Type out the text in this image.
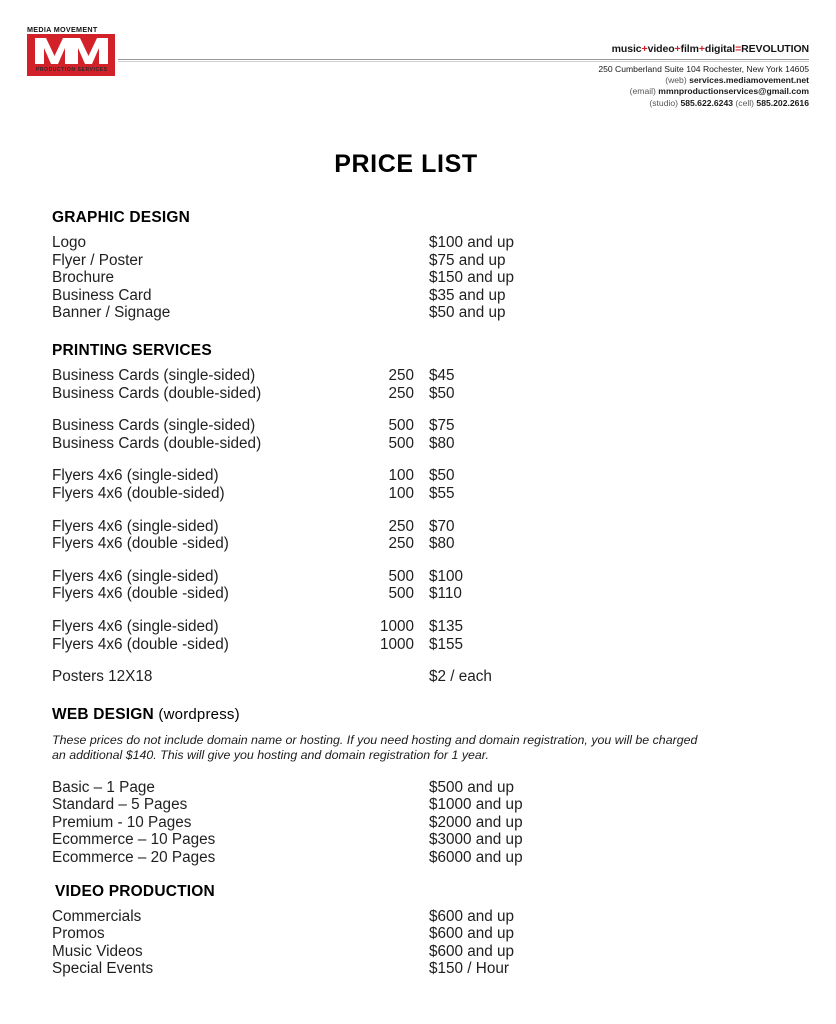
MEDIA MOVEMENT
PRODUCTION SERVICES
music+video+film+digital=REVOLUTION
250 Cumberland Suite 104 Rochester, New York 14605
(web) services.mediamovement.net
(email) mmnproductionservices@gmail.com
(studio) 585.622.6243 (cell) 585.202.2616
PRICE LIST
GRAPHIC DESIGN
Logo	$100 and up
Flyer / Poster	$75 and up
Brochure	$150 and up
Business Card	$35 and up
Banner / Signage	$50 and up
PRINTING SERVICES
Business Cards (single-sided)	250 $45
Business Cards (double-sided)	250 $50
Business Cards (single-sided)	500 $75
Business Cards (double-sided)	500 $80
Flyers 4x6 (single-sided)	100 $50
Flyers 4x6 (double-sided)	100 $55
Flyers 4x6 (single-sided)	250 $70
Flyers 4x6 (double -sided)	250 $80
Flyers 4x6 (single-sided)	500 $100
Flyers 4x6 (double -sided)	500 $110
Flyers 4x6 (single-sided)	1000 $135
Flyers 4x6 (double -sided)	1000 $155
Posters 12X18	$2 / each
WEB DESIGN (wordpress)
These prices do not include domain name or hosting. If you need hosting and domain registration, you will be charged an additional $140. This will give you hosting and domain registration for 1 year.
Basic – 1 Page	$500 and up
Standard – 5 Pages	$1000 and up
Premium - 10 Pages	$2000 and up
Ecommerce – 10 Pages	$3000 and up
Ecommerce – 20 Pages	$6000 and up
VIDEO PRODUCTION
Commercials	$600 and up
Promos	$600 and up
Music Videos	$600 and up
Special Events	$150 / Hour
